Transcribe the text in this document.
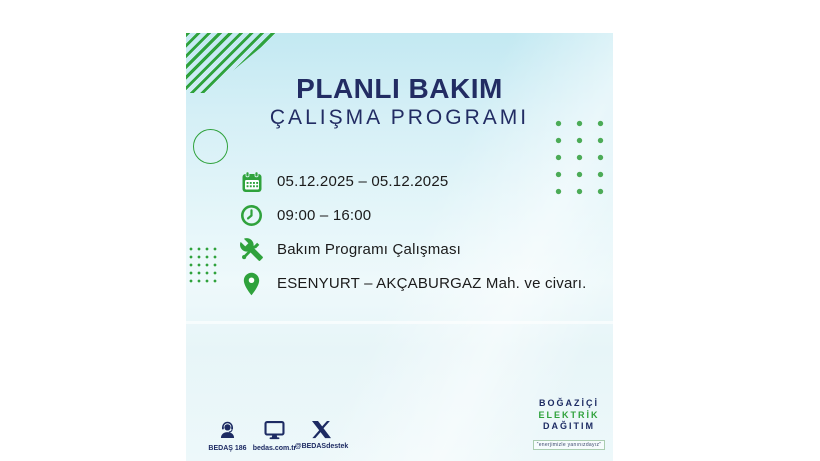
PLANLI BAKIM
ÇALIŞMA PROGRAMI
05.12.2025 – 05.12.2025
09:00 – 16:00
Bakım Programı Çalışması
ESENYURT – AKÇABURGAZ Mah. ve civarı.
BEDAŞ 186 bedas.com.tr
@BEDASdestek
BOĞAZİÇİ
ELEKTRİK
DAĞITIM
“enerjimizle yanınızdayız”
